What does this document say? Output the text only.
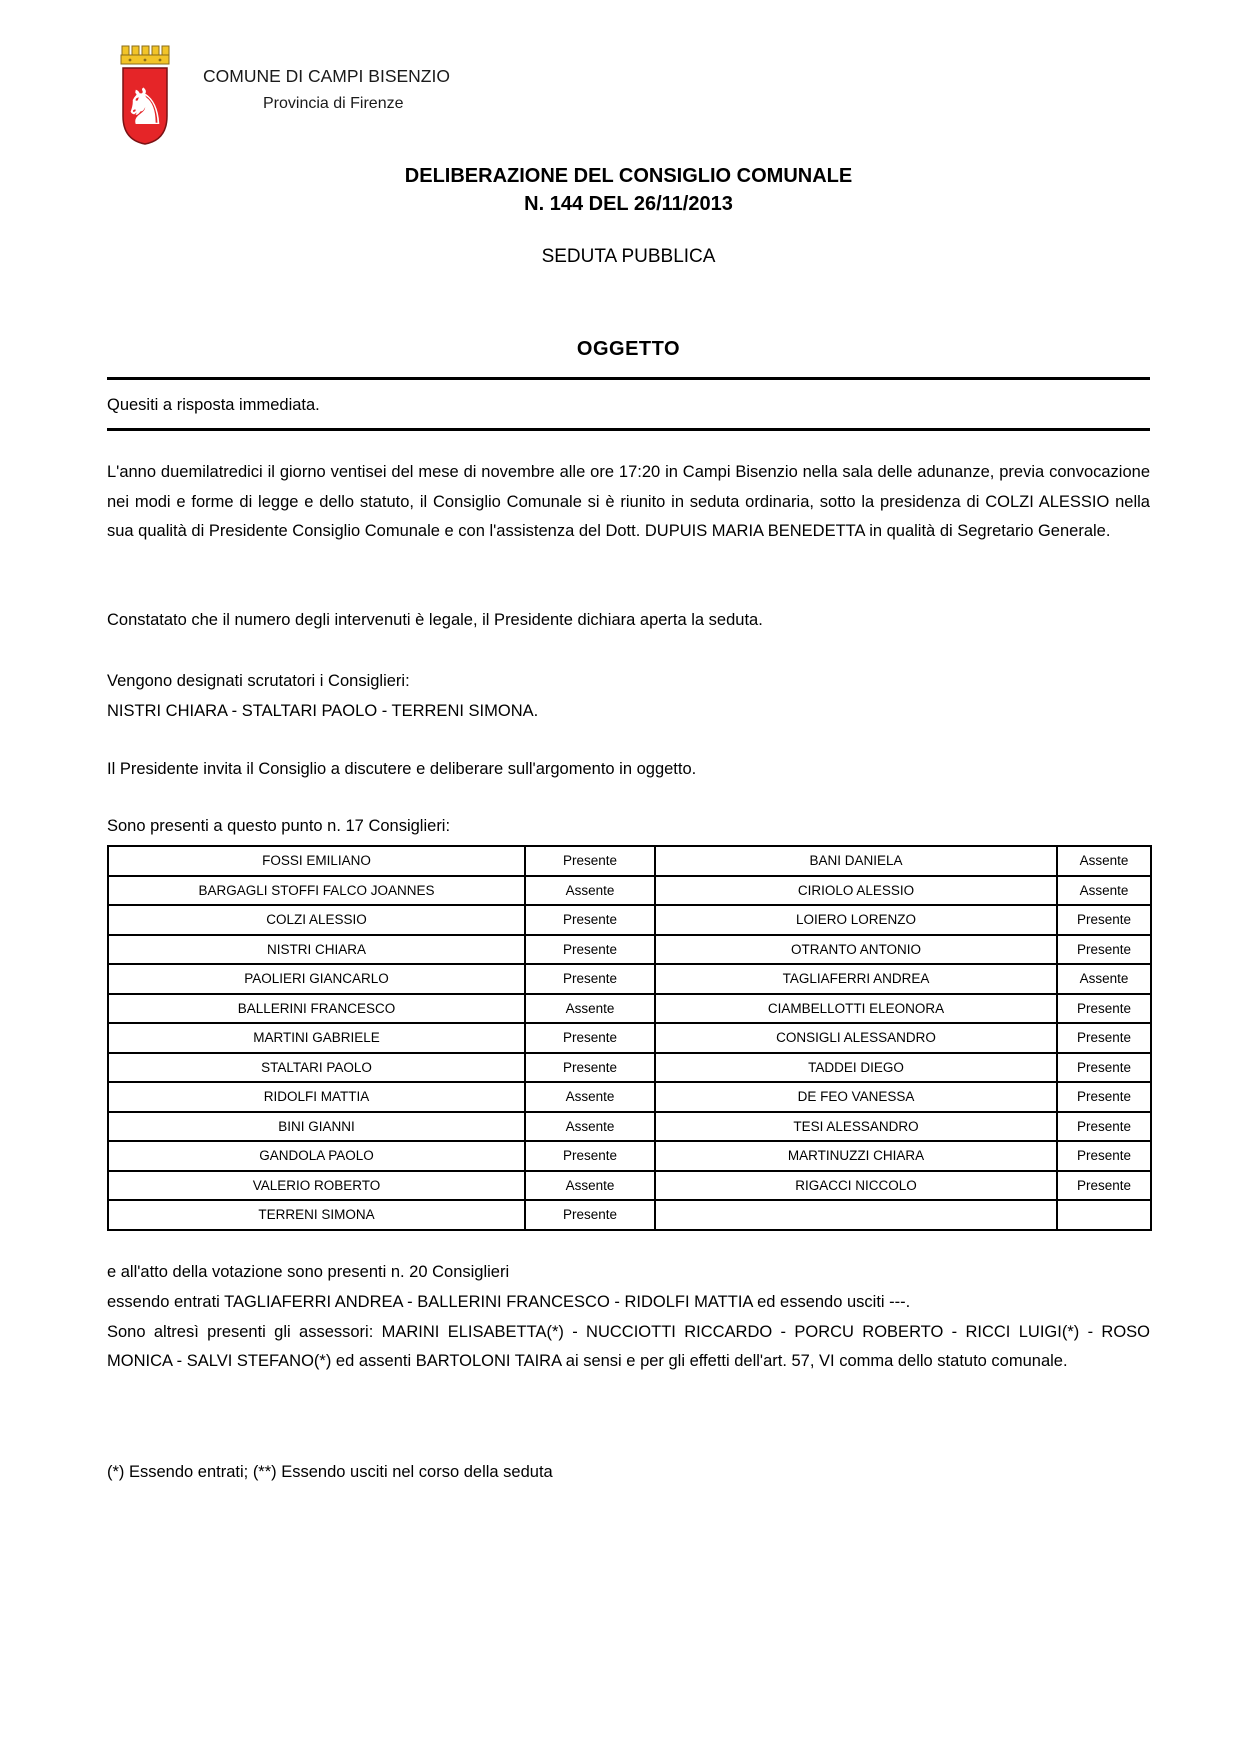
♞
COMUNE DI CAMPI BISENZIO
Provincia di Firenze
DELIBERAZIONE DEL CONSIGLIO COMUNALE
N. 144 DEL 26/11/2013
SEDUTA PUBBLICA
OGGETTO
Quesiti a risposta immediata.
L'anno duemilatredici il giorno ventisei del mese di novembre alle ore 17:20 in Campi Bisenzio nella sala delle adunanze, previa convocazione nei modi e forme di legge e dello statuto, il Consiglio Comunale si è riunito in seduta ordinaria, sotto la presidenza di COLZI ALESSIO nella sua qualità di Presidente Consiglio Comunale e con l'assistenza del Dott. DUPUIS MARIA BENEDETTA in qualità di Segretario Generale.
Constatato che il numero degli intervenuti è legale, il Presidente dichiara aperta la seduta.
Vengono designati scrutatori i Consiglieri:
NISTRI CHIARA - STALTARI PAOLO - TERRENI SIMONA.
Il Presidente invita il Consiglio a discutere e deliberare sull'argomento in oggetto.
Sono presenti a questo punto n. 17 Consiglieri:
FOSSI EMILIANO	Presente	BANI DANIELA	Assente
BARGAGLI STOFFI FALCO JOANNES	Assente	CIRIOLO ALESSIO	Assente
COLZI ALESSIO	Presente	LOIERO LORENZO	Presente
NISTRI CHIARA	Presente	OTRANTO ANTONIO	Presente
PAOLIERI GIANCARLO	Presente	TAGLIAFERRI ANDREA	Assente
BALLERINI FRANCESCO	Assente	CIAMBELLOTTI ELEONORA	Presente
MARTINI GABRIELE	Presente	CONSIGLI ALESSANDRO	Presente
STALTARI PAOLO	Presente	TADDEI DIEGO	Presente
RIDOLFI MATTIA	Assente	DE FEO VANESSA	Presente
BINI GIANNI	Assente	TESI ALESSANDRO	Presente
GANDOLA PAOLO	Presente	MARTINUZZI CHIARA	Presente
VALERIO ROBERTO	Assente	RIGACCI NICCOLO	Presente
TERRENI SIMONA	Presente		
e all'atto della votazione sono presenti n. 20 Consiglieri
essendo entrati TAGLIAFERRI ANDREA - BALLERINI FRANCESCO - RIDOLFI MATTIA ed essendo usciti ---.
Sono altresì presenti gli assessori: MARINI ELISABETTA(*) - NUCCIOTTI RICCARDO - PORCU ROBERTO - RICCI LUIGI(*) - ROSO MONICA - SALVI STEFANO(*) ed assenti BARTOLONI TAIRA ai sensi e per gli effetti dell'art. 57, VI comma dello statuto comunale.
(*) Essendo entrati; (**) Essendo usciti nel corso della seduta
